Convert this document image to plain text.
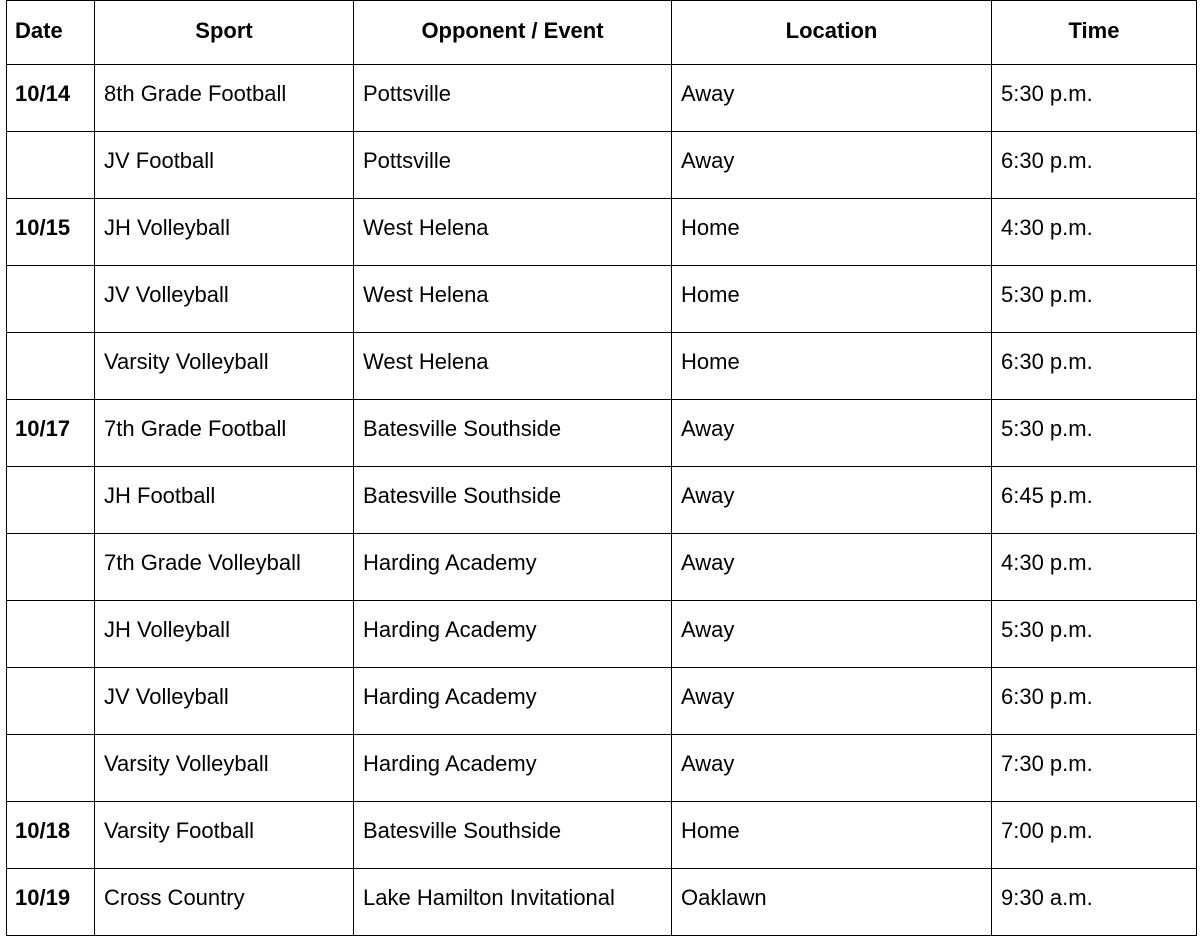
Date	Sport	Opponent / Event	Location	Time
10/14	8th Grade Football	Pottsville	Away	5:30 p.m.
	JV Football	Pottsville	Away	6:30 p.m.
10/15	JH Volleyball	West Helena	Home	4:30 p.m.
	JV Volleyball	West Helena	Home	5:30 p.m.
	Varsity Volleyball	West Helena	Home	6:30 p.m.
10/17	7th Grade Football	Batesville Southside	Away	5:30 p.m.
	JH Football	Batesville Southside	Away	6:45 p.m.
	7th Grade Volleyball	Harding Academy	Away	4:30 p.m.
	JH Volleyball	Harding Academy	Away	5:30 p.m.
	JV Volleyball	Harding Academy	Away	6:30 p.m.
	Varsity Volleyball	Harding Academy	Away	7:30 p.m.
10/18	Varsity Football	Batesville Southside	Home	7:00 p.m.
10/19	Cross Country	Lake Hamilton Invitational	Oaklawn	9:30 a.m.
